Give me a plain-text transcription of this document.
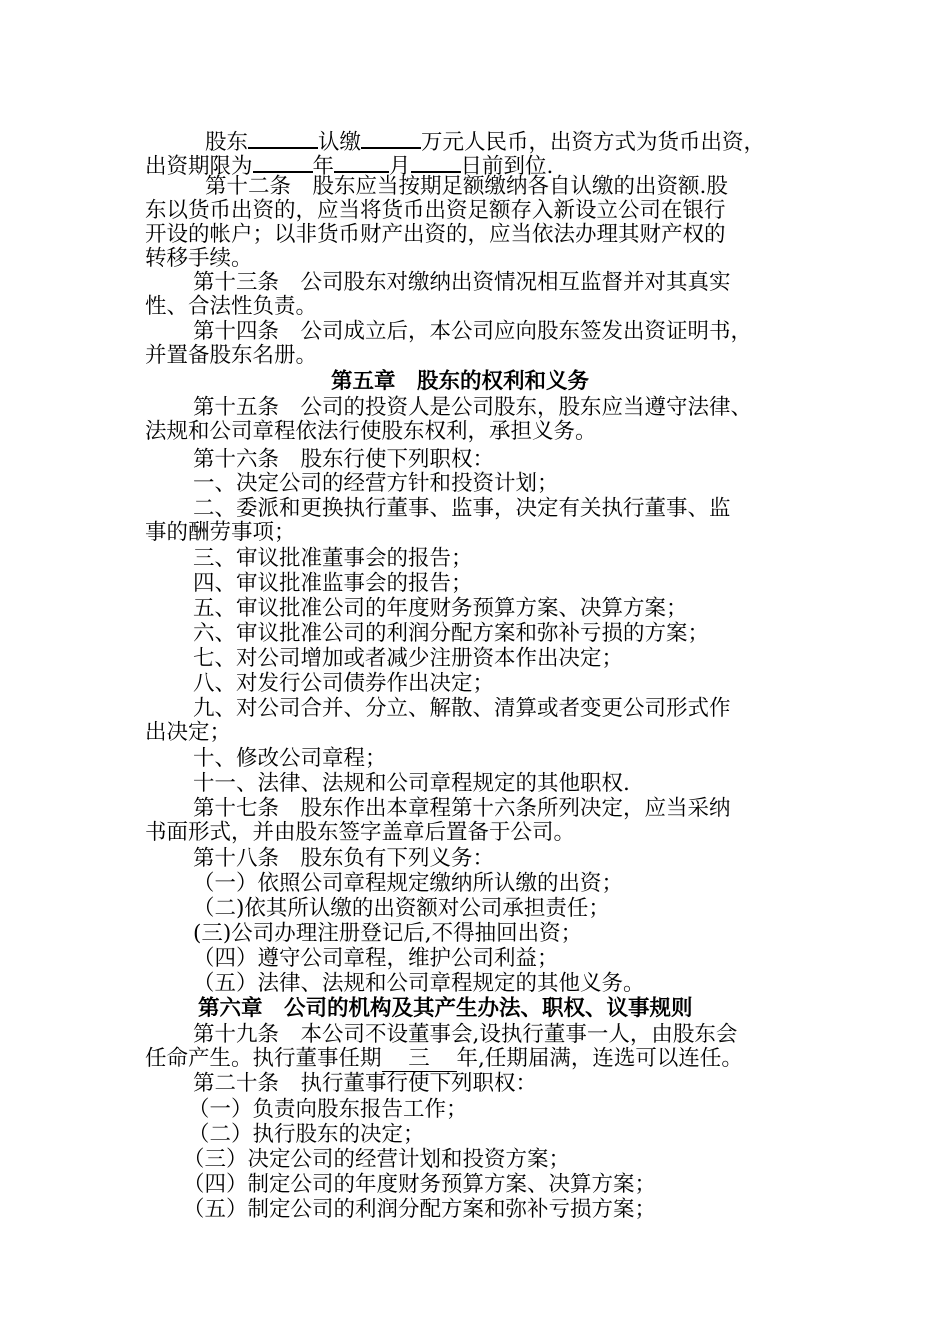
股东	认缴	万元人民币，出资方式为货币出资，
出资期限为	年	月 日前到位.
第十二条　股东应当按期足额缴纳各自认缴的出资额.股
东以货币出资的，应当将货币出资足额存入新设立公司在银行
开设的帐户；以非货币财产出资的，应当依法办理其财产权的
转移手续。
第十三条　公司股东对缴纳出资情况相互监督并对其真实
性、合法性负责。
第十四条　公司成立后，本公司应向股东签发出资证明书，
并置备股东名册。
第五章　股东的权利和义务
第十五条　公司的投资人是公司股东，股东应当遵守法律、
法规和公司章程依法行使股东权利，承担义务。
第十六条　股东行使下列职权：
一、决定公司的经营方针和投资计划；
二、委派和更换执行董事、监事，决定有关执行董事、监
事的酬劳事项；
三、审议批准董事会的报告；
四、审议批准监事会的报告；
五、审议批准公司的年度财务预算方案、决算方案；
六、审议批准公司的利润分配方案和弥补亏损的方案；
七、对公司增加或者减少注册资本作出决定；
八、对发行公司债券作出决定；
九、对公司合并、分立、解散、清算或者变更公司形式作
出决定；
十、修改公司章程；
十一、法律、法规和公司章程规定的其他职权.
第十七条　股东作出本章程第十六条所列决定，应当采纳
书面形式，并由股东签字盖章后置备于公司。
第十八条　股东负有下列义务：
（一）依照公司章程规定缴纳所认缴的出资；
（二)依其所认缴的出资额对公司承担责任；
(三)公司办理注册登记后,不得抽回出资；
（四）遵守公司章程，维护公司利益；
（五）法律、法规和公司章程规定的其他义务。
第六章　公司的机构及其产生办法、职权、议事规则
第十九条　本公司不设董事会,设执行董事一人，由股东会
任命产生。执行董事任期 三 年,任期届满，连选可以连任。
第二十条　执行董事行使下列职权：
（一）负责向股东报告工作；
（二）执行股东的决定；
（三）决定公司的经营计划和投资方案；
（四）制定公司的年度财务预算方案、决算方案；
（五）制定公司的利润分配方案和弥补亏损方案；
